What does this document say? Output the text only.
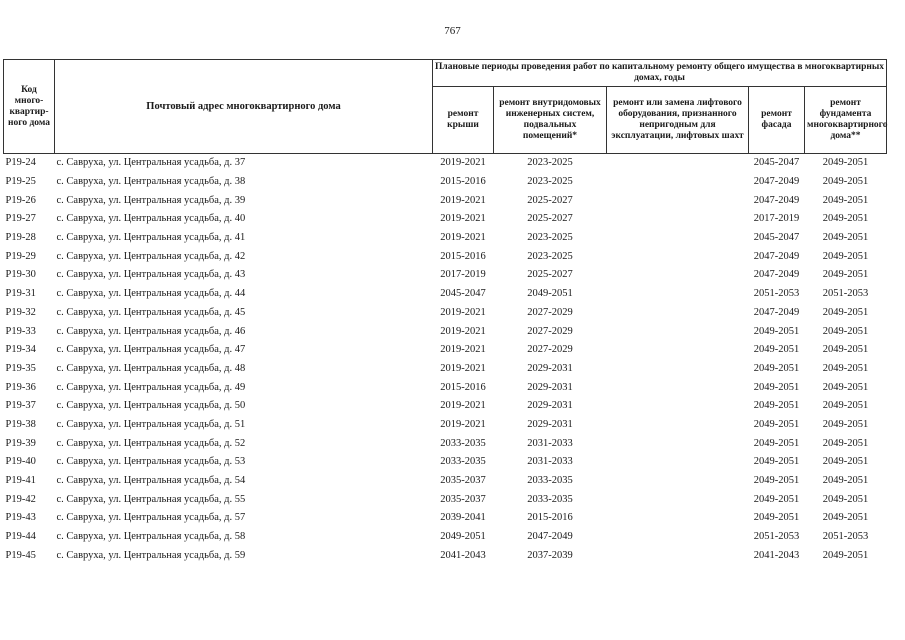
767
Код много-квартир-ного дома	Почтовый адрес многоквартирного дома	Плановые периоды проведения работ по капитальному ремонту общего имущества в многоквартирных домах, годы				
		ремонт крыши	ремонт внутридомовых инженерных систем, подвальных помещений*	ремонт или замена лифтового оборудования, признанного непригодным для эксплуатации, лифтовых шахт	ремонт фасада	ремонт фундамента многоквартирного дома**
Р19-24	с. Савруха, ул. Центральная усадьба, д. 37	2019-2021	2023-2025		2045-2047	2049-2051
Р19-25	с. Савруха, ул. Центральная усадьба, д. 38	2015-2016	2023-2025		2047-2049	2049-2051
Р19-26	с. Савруха, ул. Центральная усадьба, д. 39	2019-2021	2025-2027		2047-2049	2049-2051
Р19-27	с. Савруха, ул. Центральная усадьба, д. 40	2019-2021	2025-2027		2017-2019	2049-2051
Р19-28	с. Савруха, ул. Центральная усадьба, д. 41	2019-2021	2023-2025		2045-2047	2049-2051
Р19-29	с. Савруха, ул. Центральная усадьба, д. 42	2015-2016	2023-2025		2047-2049	2049-2051
Р19-30	с. Савруха, ул. Центральная усадьба, д. 43	2017-2019	2025-2027		2047-2049	2049-2051
Р19-31	с. Савруха, ул. Центральная усадьба, д. 44	2045-2047	2049-2051		2051-2053	2051-2053
Р19-32	с. Савруха, ул. Центральная усадьба, д. 45	2019-2021	2027-2029		2047-2049	2049-2051
Р19-33	с. Савруха, ул. Центральная усадьба, д. 46	2019-2021	2027-2029		2049-2051	2049-2051
Р19-34	с. Савруха, ул. Центральная усадьба, д. 47	2019-2021	2027-2029		2049-2051	2049-2051
Р19-35	с. Савруха, ул. Центральная усадьба, д. 48	2019-2021	2029-2031		2049-2051	2049-2051
Р19-36	с. Савруха, ул. Центральная усадьба, д. 49	2015-2016	2029-2031		2049-2051	2049-2051
Р19-37	с. Савруха, ул. Центральная усадьба, д. 50	2019-2021	2029-2031		2049-2051	2049-2051
Р19-38	с. Савруха, ул. Центральная усадьба, д. 51	2019-2021	2029-2031		2049-2051	2049-2051
Р19-39	с. Савруха, ул. Центральная усадьба, д. 52	2033-2035	2031-2033		2049-2051	2049-2051
Р19-40	с. Савруха, ул. Центральная усадьба, д. 53	2033-2035	2031-2033		2049-2051	2049-2051
Р19-41	с. Савруха, ул. Центральная усадьба, д. 54	2035-2037	2033-2035		2049-2051	2049-2051
Р19-42	с. Савруха, ул. Центральная усадьба, д. 55	2035-2037	2033-2035		2049-2051	2049-2051
Р19-43	с. Савруха, ул. Центральная усадьба, д. 57	2039-2041	2015-2016		2049-2051	2049-2051
Р19-44	с. Савруха, ул. Центральная усадьба, д. 58	2049-2051	2047-2049		2051-2053	2051-2053
Р19-45	с. Савруха, ул. Центральная усадьба, д. 59	2041-2043	2037-2039		2041-2043	2049-2051
